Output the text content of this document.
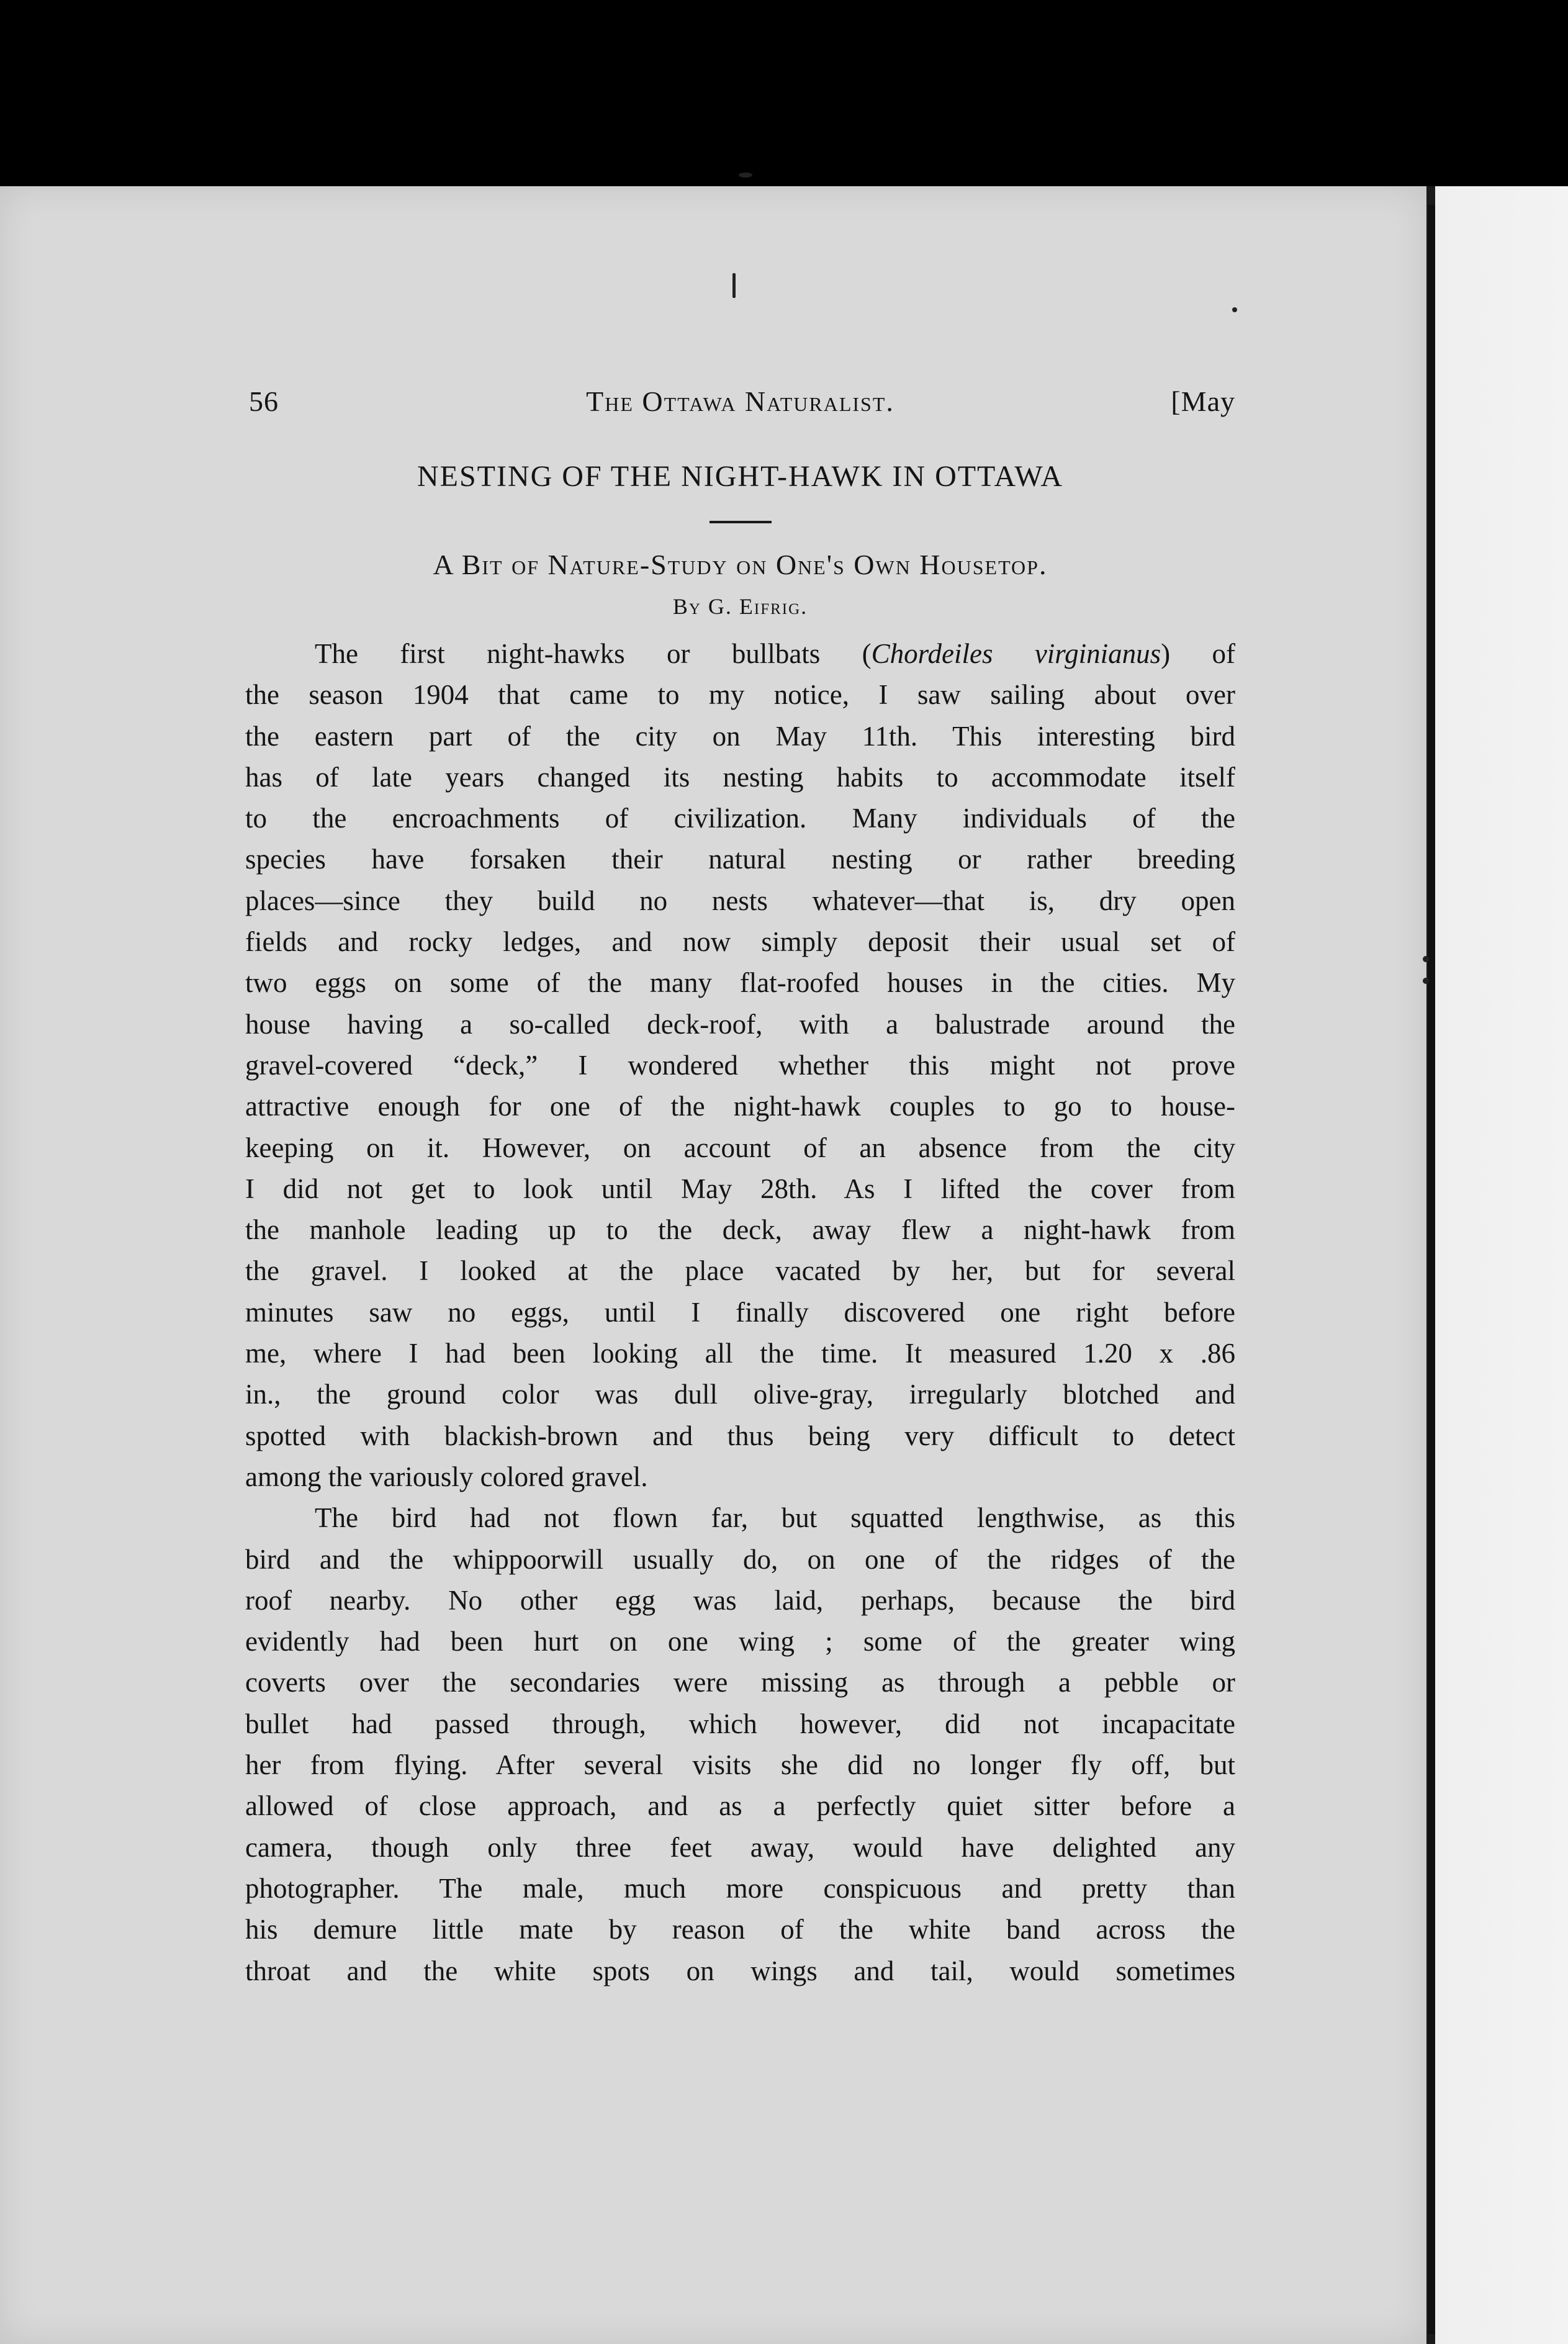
56	The Ottawa Naturalist.	[May
NESTING OF THE NIGHT-HAWK IN OTTAWA
A Bit of Nature-Study on One's Own Housetop.
By G. Eifrig.

The first night-hawks or bullbats (Chordeiles virginianus) of
the season 1904 that came to my notice, I saw sailing about over
the eastern part of the city on May 11th. This interesting bird
has of late years changed its nesting habits to accommodate itself
to the encroachments of civilization. Many individuals of the
species have forsaken their natural nesting or rather breeding
places—since they build no nests whatever—that is, dry open
fields and rocky ledges, and now simply deposit their usual set of
two eggs on some of the many flat-roofed houses in the cities. My
house having a so-called deck-roof, with a balustrade around the
gravel-covered “deck,” I wondered whether this might not prove
attractive enough for one of the night-hawk couples to go to house-
keeping on it. However, on account of an absence from the city
I did not get to look until May 28th. As I lifted the cover from
the manhole leading up to the deck, away flew a night-hawk from
the gravel. I looked at the place vacated by her, but for several
minutes saw no eggs, until I finally discovered one right before
me, where I had been looking all the time. It measured 1.20 x .86
in., the ground color was dull olive-gray, irregularly blotched and
spotted with blackish-brown and thus being very difficult to detect
among the variously colored gravel.

The bird had not flown far, but squatted lengthwise, as this
bird and the whippoorwill usually do, on one of the ridges of the
roof nearby. No other egg was laid, perhaps, because the bird
evidently had been hurt on one wing ; some of the greater wing
coverts over the secondaries were missing as through a pebble or
bullet had passed through, which however, did not incapacitate
her from flying. After several visits she did no longer fly off, but
allowed of close approach, and as a perfectly quiet sitter before a
camera, though only three feet away, would have delighted any
photographer. The male, much more conspicuous and pretty than
his demure little mate by reason of the white band across the
throat and the white spots on wings and tail, would sometimes
